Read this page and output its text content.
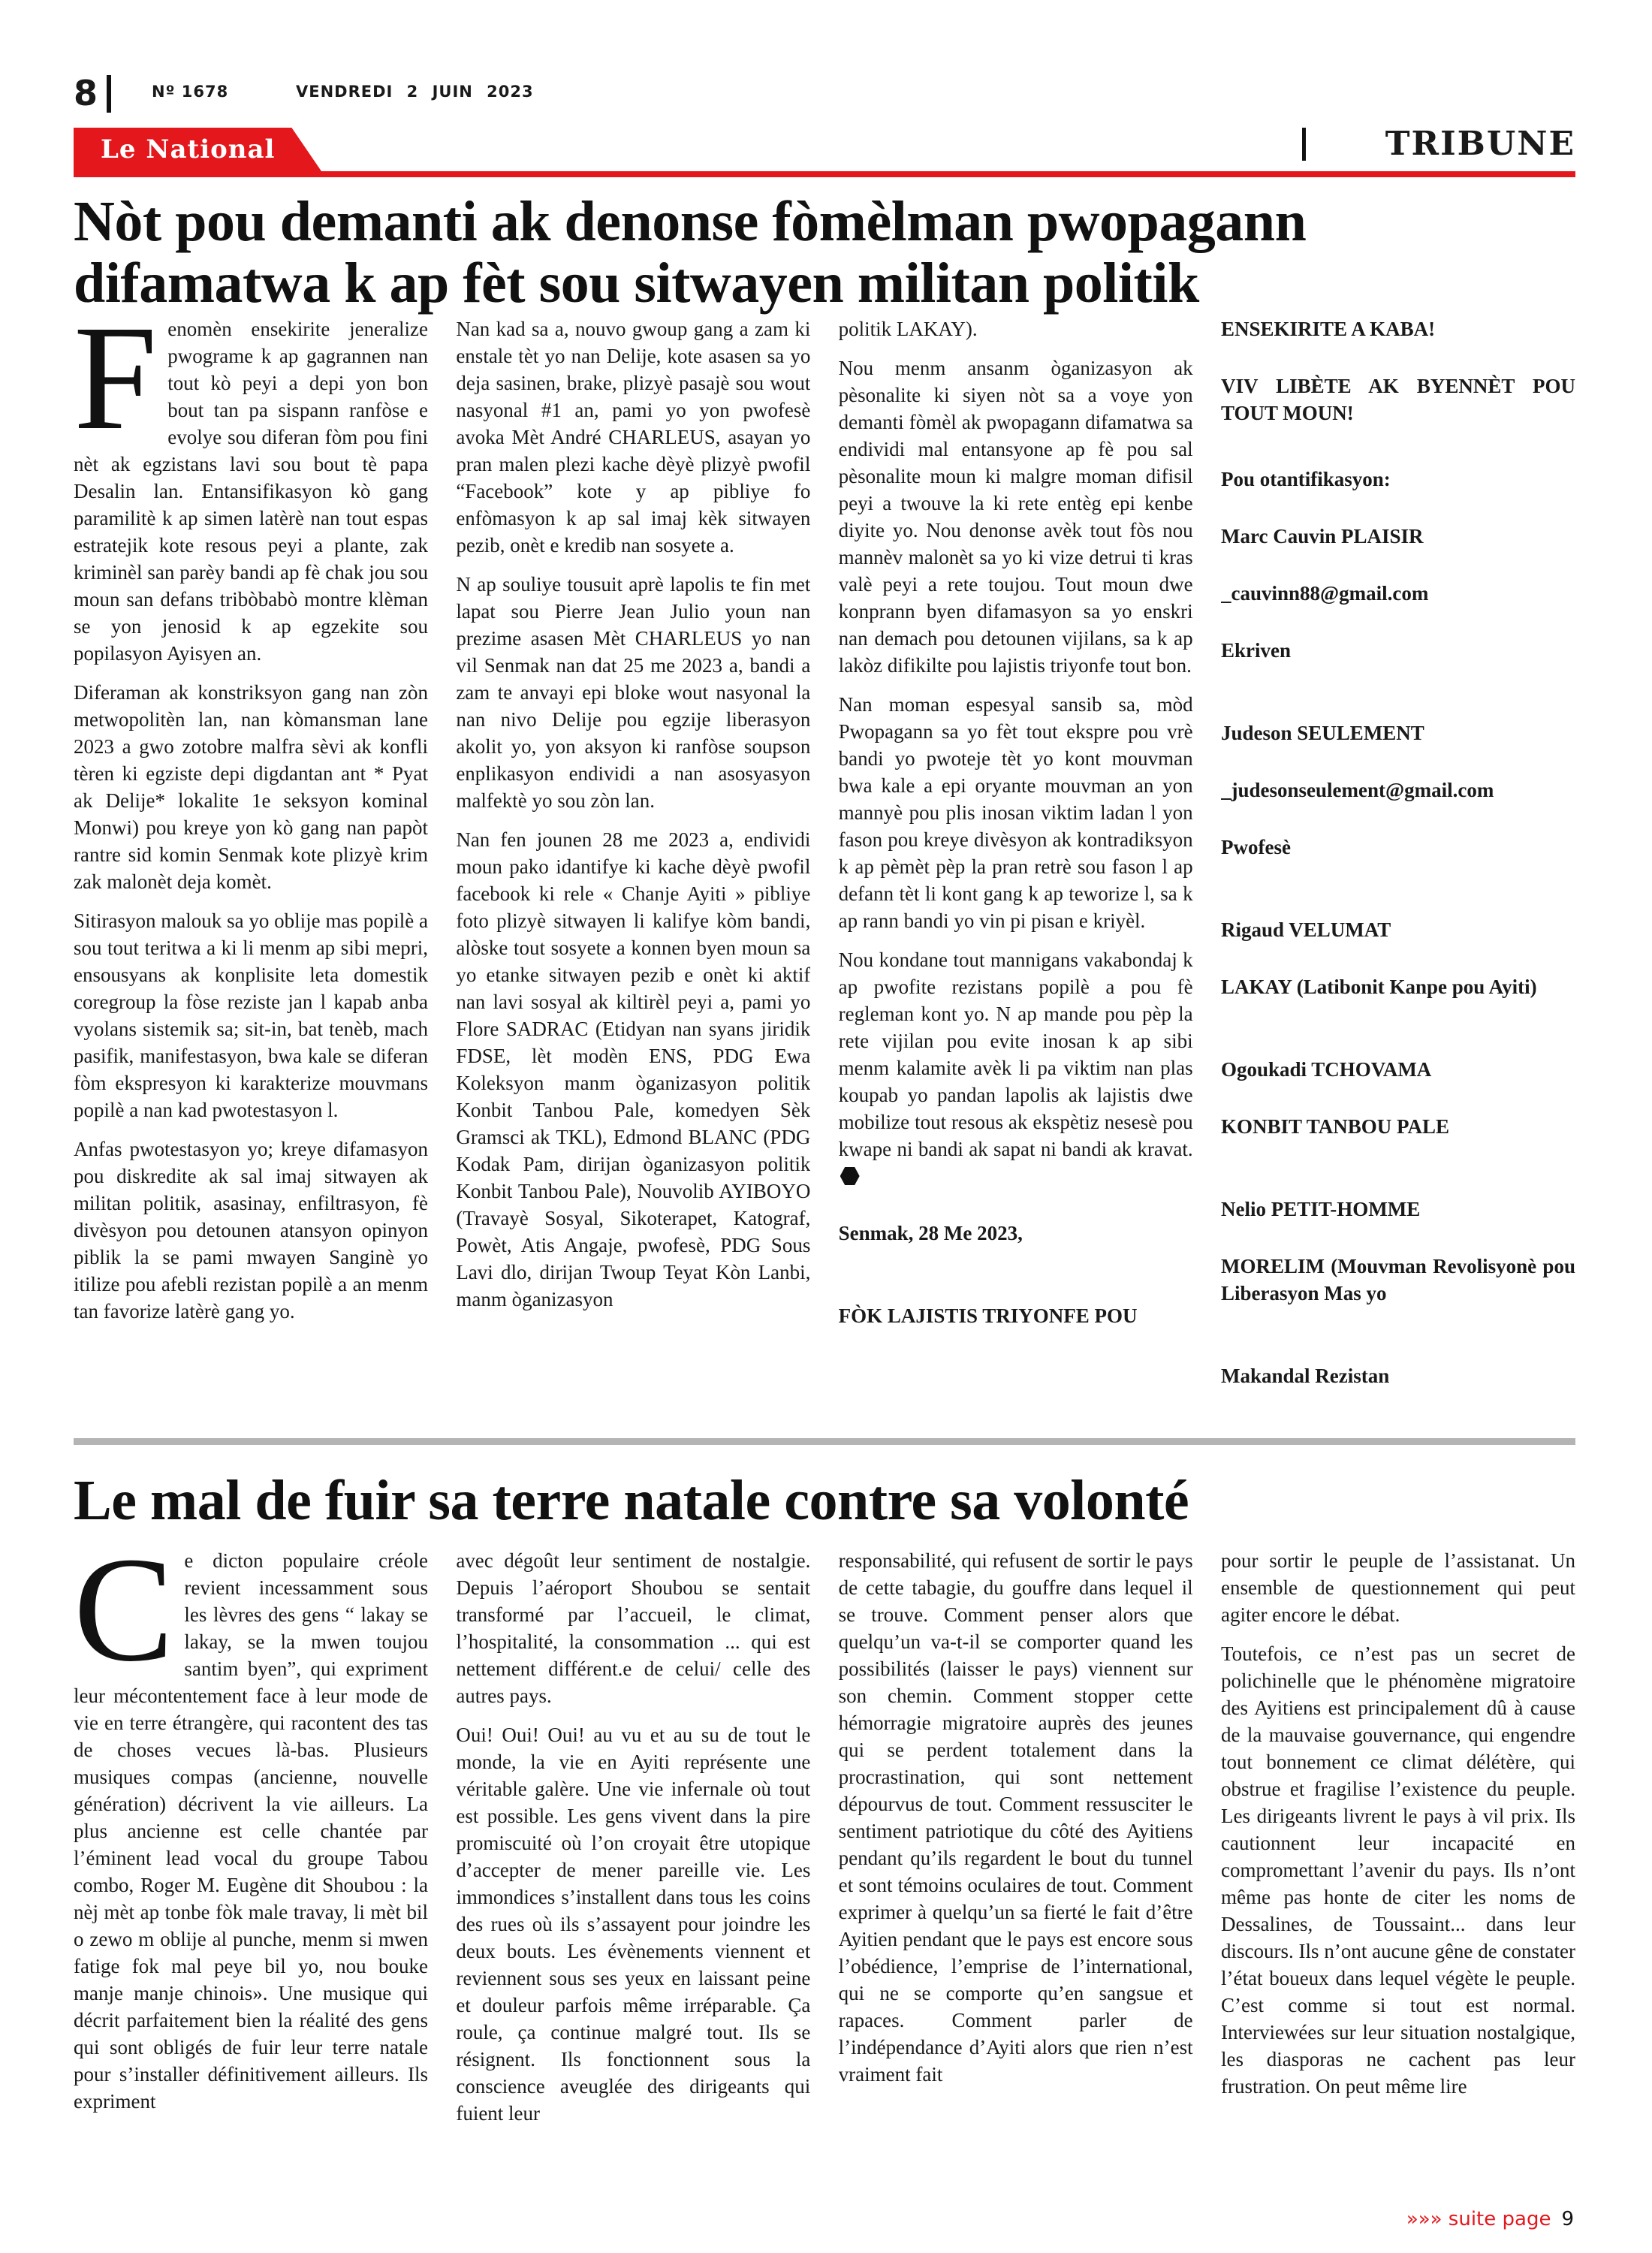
8	Nº 1678	VENDREDI 2 JUIN 2023
Le National	TRIBUNE
Nòt pou demanti ak denonse fòmèlman pwopagann difamatwa k ap fèt sou sitwayen militan politik

Fenomèn ensekirite jeneralize pwograme k ap gagrannen nan tout kò peyi a depi yon bon bout tan pa sispann ranfòse e evolye sou diferan fòm pou fini nèt ak egzistans lavi sou bout tè papa Desalin lan. Entansifikasyon kò gang paramilitè k ap simen latèrè nan tout espas estratejik kote resous peyi a plante, zak kriminèl san parèy bandi ap fè chak jou sou moun san defans tribòbabò montre klèman se yon jenosid k ap egzekite sou popilasyon Ayisyen an.

Diferaman ak konstriksyon gang nan zòn metwopolitèn lan, nan kòmansman lane 2023 a gwo zotobre malfra sèvi ak konfli tèren ki egziste depi digdantan ant * Pyat ak Delije* lokalite 1e seksyon kominal Monwi) pou kreye yon kò gang nan papòt rantre sid komin Senmak kote plizyè krim zak malonèt deja komèt.

Sitirasyon malouk sa yo oblije mas popilè a sou tout teritwa a ki li menm ap sibi mepri, ensousyans ak konplisite leta domestik coregroup la fòse reziste jan l kapab anba vyolans sistemik sa; sit-in, bat tenèb, mach pasifik, manifestasyon, bwa kale se diferan fòm ekspresyon ki karakterize mouvmans popilè a nan kad pwotestasyon l.

Anfas pwotestasyon yo; kreye difamasyon pou diskredite ak sal imaj sitwayen ak militan politik, asasinay, enfiltrasyon, fè divèsyon pou detounen atansyon opinyon piblik la se pami mwayen Sanginè yo itilize pou afebli rezistan popilè a an menm tan favorize latèrè gang yo.

Nan kad sa a, nouvo gwoup gang a zam ki enstale tèt yo nan Delije, kote asasen sa yo deja sasinen, brake, plizyè pasajè sou wout nasyonal #1 an, pami yo yon pwofesè avoka Mèt André CHARLEUS, asayan yo pran malen plezi kache dèyè plizyè pwofil “Facebook” kote y ap pibliye fo enfòmasyon k ap sal imaj kèk sitwayen pezib, onèt e kredib nan sosyete a.

N ap souliye tousuit aprè lapolis te fin met lapat sou Pierre Jean Julio youn nan prezime asasen Mèt CHARLEUS yo nan vil Senmak nan dat 25 me 2023 a, bandi a zam te anvayi epi bloke wout nasyonal la nan nivo Delije pou egzije liberasyon akolit yo, yon aksyon ki ranfòse soupson enplikasyon endividi a nan asosyasyon malfektè yo sou zòn lan.

Nan fen jounen 28 me 2023 a, endividi moun pako idantifye ki kache dèyè pwofil facebook ki rele « Chanje Ayiti » pibliye foto plizyè sitwayen li kalifye kòm bandi, alòske tout sosyete a konnen byen moun sa yo etanke sitwayen pezib e onèt ki aktif nan lavi sosyal ak kiltirèl peyi a, pami yo Flore SADRAC (Etidyan nan syans jiridik FDSE, lèt modèn ENS, PDG Ewa Koleksyon manm òganizasyon politik Konbit Tanbou Pale, komedyen Sèk Gramsci ak TKL), Edmond BLANC (PDG Kodak Pam, dirijan òganizasyon politik Konbit Tanbou Pale), Nouvolib AYIBOYO (Travayè Sosyal, Sikoterapet, Katograf, Powèt, Atis Angaje, pwofesè, PDG Sous Lavi dlo, dirijan Twoup Teyat Kòn Lanbi, manm òganizasyon

politik LAKAY).

Nou menm ansanm òganizasyon ak pèsonalite ki siyen nòt sa a voye yon demanti fòmèl ak pwopagann difamatwa sa endividi mal entansyone ap fè pou sal pèsonalite moun ki malgre moman difisil peyi a twouve la ki rete entèg epi kenbe diyite yo. Nou denonse avèk tout fòs nou mannèv malonèt sa yo ki vize detrui ti kras valè peyi a rete toujou. Tout moun dwe konprann byen difamasyon sa yo enskri nan demach pou detounen vijilans, sa k ap lakòz difikilte pou lajistis triyonfe tout bon.

Nan moman espesyal sansib sa, mòd Pwopagann sa yo fèt tout ekspre pou vrè bandi yo pwoteje tèt yo kont mouvman bwa kale a epi oryante mouvman an yon mannyè pou plis inosan viktim ladan l yon fason pou kreye divèsyon ak kontradiksyon k ap pèmèt pèp la pran retrè sou fason l ap defann tèt li kont gang k ap teworize l, sa k ap rann bandi yo vin pi pisan e kriyèl.

Nou kondane tout mannigans vakabondaj k ap pwofite rezistans popilè a pou fè regleman kont yo. N ap mande pou pèp la rete vijilan pou evite inosan k ap sibi menm kalamite avèk li pa viktim nan plas koupab yo pandan lapolis ak lajistis dwe mobilize tout resous ak ekspètiz nesesè pou kwape ni bandi ak sapat ni bandi ak kravat.

Senmak, 28 Me 2023,

FÒK LAJISTIS TRIYONFE POU

ENSEKIRITE A KABA!

VIV LIBÈTE AK BYENNÈT POU TOUT MOUN!

Pou otantifikasyon:

Marc Cauvin PLAISIR

_cauvinn88@gmail.com

Ekriven

Judeson SEULEMENT

_judesonseulement@gmail.com

Pwofesè

Rigaud VELUMAT

LAKAY (Latibonit Kanpe pou Ayiti)

Ogoukadi TCHOVAMA

KONBIT TANBOU PALE

Nelio PETIT-HOMME

MORELIM (Mouvman Revolisyonè pou Liberasyon Mas yo

Makandal Rezistan

Le mal de fuir sa terre natale contre sa volonté

Ce dicton populaire créole revient incessamment sous les lèvres des gens “ lakay se lakay, se la mwen toujou santim byen”, qui expriment leur mécontentement face à leur mode de vie en terre étrangère, qui racontent des tas de choses vecues là-bas. Plusieurs musiques compas (ancienne, nouvelle génération) décrivent la vie ailleurs. La plus ancienne est celle chantée par l’éminent lead vocal du groupe Tabou combo, Roger M. Eugène dit Shoubou : la nèj mèt ap tonbe fòk male travay, li mèt bil o zewo m oblije al punche, menm si mwen fatige fok mal peye bil yo, nou bouke manje manje chinois». Une musique qui décrit parfaitement bien la réalité des gens qui sont obligés de fuir leur terre natale pour s’installer définitivement ailleurs. Ils expriment

avec dégoût leur sentiment de nostalgie. Depuis l’aéroport Shoubou se sentait transformé par l’accueil, le climat, l’hospitalité, la consommation ... qui est nettement différent.e de celui/ celle des autres pays.

Oui! Oui! Oui! au vu et au su de tout le monde, la vie en Ayiti représente une véritable galère. Une vie infernale où tout est possible. Les gens vivent dans la pire promiscuité où l’on croyait être utopique d’accepter de mener pareille vie. Les immondices s’installent dans tous les coins des rues où ils s’assayent pour joindre les deux bouts. Les évènements viennent et reviennent sous ses yeux en laissant peine et douleur parfois même irréparable. Ça roule, ça continue malgré tout. Ils se résignent. Ils fonctionnent sous la conscience aveuglée des dirigeants qui fuient leur

responsabilité, qui refusent de sortir le pays de cette tabagie, du gouffre dans lequel il se trouve. Comment penser alors que quelqu’un va-t-il se comporter quand les possibilités (laisser le pays) viennent sur son chemin. Comment stopper cette hémorragie migratoire auprès des jeunes qui se perdent totalement dans la procrastination, qui sont nettement dépourvus de tout. Comment ressusciter le sentiment patriotique du côté des Ayitiens pendant qu’ils regardent le bout du tunnel et sont témoins oculaires de tout. Comment exprimer à quelqu’un sa fierté le fait d’être Ayitien pendant que le pays est encore sous l’obédience, l’emprise de l’international, qui ne se comporte qu’en sangsue et rapaces. Comment parler de l’indépendance d’Ayiti alors que rien n’est vraiment fait

pour sortir le peuple de l’assistanat. Un ensemble de questionnement qui peut agiter encore le débat.

Toutefois, ce n’est pas un secret de polichinelle que le phénomène migratoire des Ayitiens est principalement dû à cause de la mauvaise gouvernance, qui engendre tout bonnement ce climat délétère, qui obstrue et fragilise l’existence du peuple. Les dirigeants livrent le pays à vil prix. Ils cautionnent leur incapacité en compromettant l’avenir du pays. Ils n’ont même pas honte de citer les noms de Dessalines, de Toussaint... dans leur discours. Ils n’ont aucune gêne de constater l’état boueux dans lequel végète le peuple. C’est comme si tout est normal. Interviewées sur leur situation nostalgique, les diasporas ne cachent pas leur frustration. On peut même lire

»»» suite page 9
